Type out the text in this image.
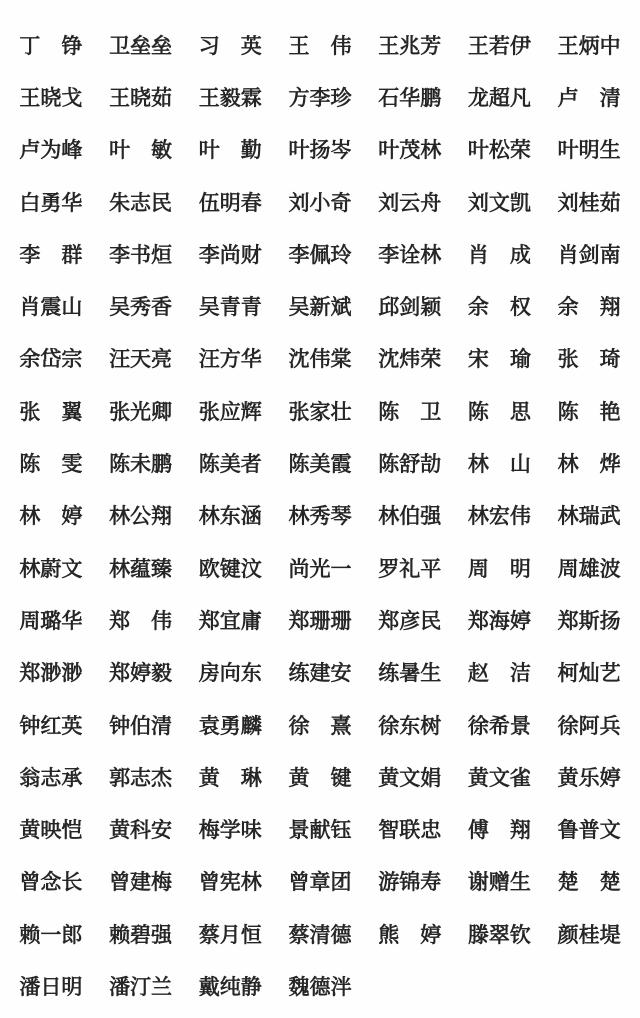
丁　铮	卫垒垒	习　英	王　伟	王兆芳	王若伊	王炳中
王晓戈	王晓茹	王毅霖	方李珍	石华鹏	龙超凡	卢　清
卢为峰	叶　敏	叶　勤	叶扬岑	叶茂林	叶松荣	叶明生
白勇华	朱志民	伍明春	刘小奇	刘云舟	刘文凯	刘桂茹
李　群	李书烜	李尚财	李佩玲	李诠林	肖　成	肖剑南
肖震山	吴秀香	吴青青	吴新斌	邱剑颖	余　权	余　翔
余岱宗	汪天亮	汪方华	沈伟棠	沈炜荣	宋　瑜	张　琦
张　翼	张光卿	张应辉	张家壮	陈　卫	陈　思	陈　艳
陈　雯	陈未鹏	陈美者	陈美霞	陈舒劼	林　山	林　烨
林　婷	林公翔	林东涵	林秀琴	林伯强	林宏伟	林瑞武
林蔚文	林蕴臻	欧键汶	尚光一	罗礼平	周　明	周雄波
周璐华	郑　伟	郑宜庸	郑珊珊	郑彦民	郑海婷	郑斯扬
郑渺渺	郑婷毅	房向东	练建安	练暑生	赵　洁	柯灿艺
钟红英	钟伯清	袁勇麟	徐　熹	徐东树	徐希景	徐阿兵
翁志承	郭志杰	黄　琳	黄　键	黄文娟	黄文雀	黄乐婷
黄映恺	黄科安	梅学味	景献钰	智联忠	傅　翔	鲁普文
曾念长	曾建梅	曾宪林	曾章团	游锦寿	谢赠生	楚　楚
赖一郎	赖碧强	蔡月恒	蔡清德	熊　婷	滕翠钦	颜桂堤
潘日明	潘汀兰	戴纯静	魏德泮
